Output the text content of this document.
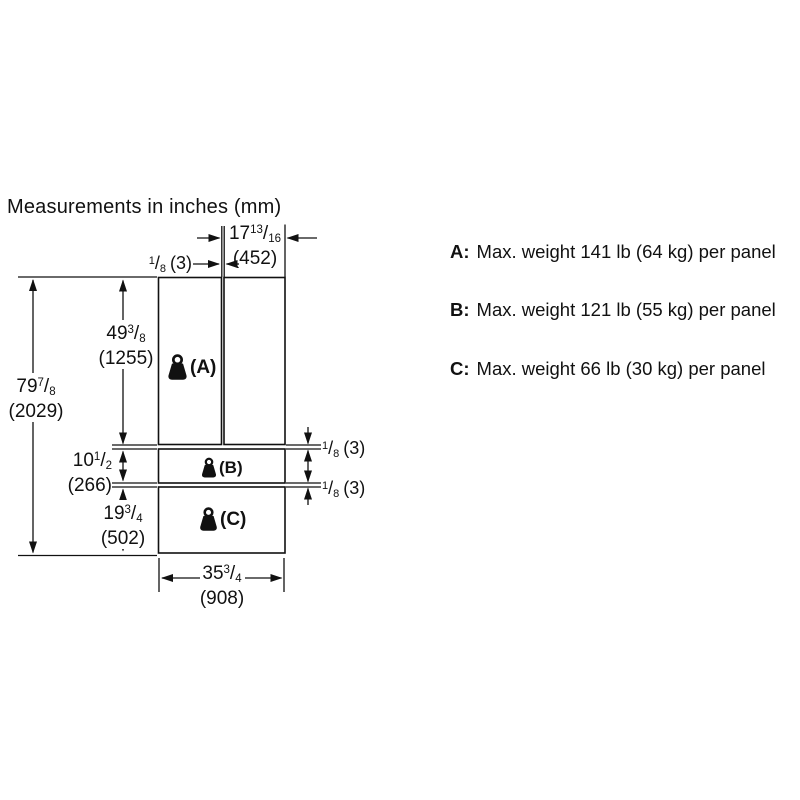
Measurements in inches (mm)
$79^7/_8$
(2029)
$49^3/_8$
(1255)
$10^1/_2$
(266)
$19^3/_4$
(502)
$17^{13}/_{16}$
(452)
$^1/_8$ (3)
$^1/_8$ (3)
$^1/_8$ (3)
$35^3/_4$
(908)
(A)
(B)
(C)
A: Max. weight 141 lb (64 kg) per panel
B: Max. weight 121 lb (55 kg) per panel
C: Max. weight 66 lb (30 kg) per panel
